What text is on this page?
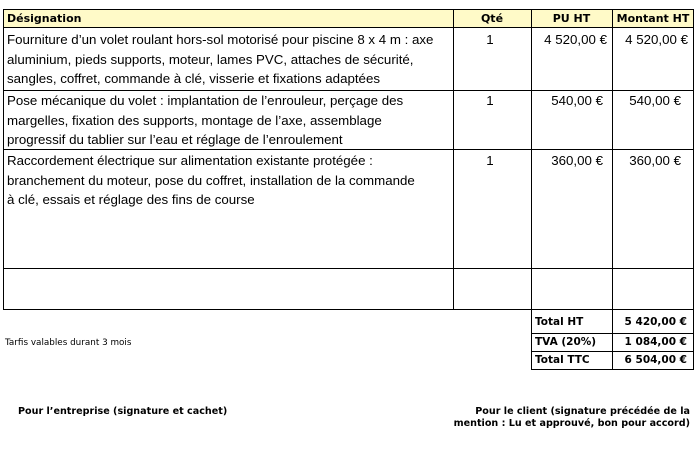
Désignation	Qté	PU HT	Montant HT
Fourniture d’un volet roulant hors-sol motorisé pour piscine 8 x 4 m : axe
aluminium, pieds supports, moteur, lames PVC, attaches de sécurité,
sangles, coffret, commande à clé, visserie et fixations adaptées
1	4 520,00 €	4 520,00 €
Pose mécanique du volet : implantation de l’enrouleur, perçage des
margelles, fixation des supports, montage de l’axe, assemblage
progressif du tablier sur l’eau et réglage de l’enroulement
1	540,00 €	540,00 €
Raccordement électrique sur alimentation existante protégée :
branchement du moteur, pose du coffret, installation de la commande
à clé, essais et réglage des fins de course
1	360,00 €	360,00 €
Total HT	5 420,00 €
TVA (20%)	1 084,00 €
Total TTC	6 504,00 €
Tarfis valables durant 3 mois
Pour l’entreprise (signature et cachet)	Pour le client (signature précédée de la
mention : Lu et approuvé, bon pour accord)
